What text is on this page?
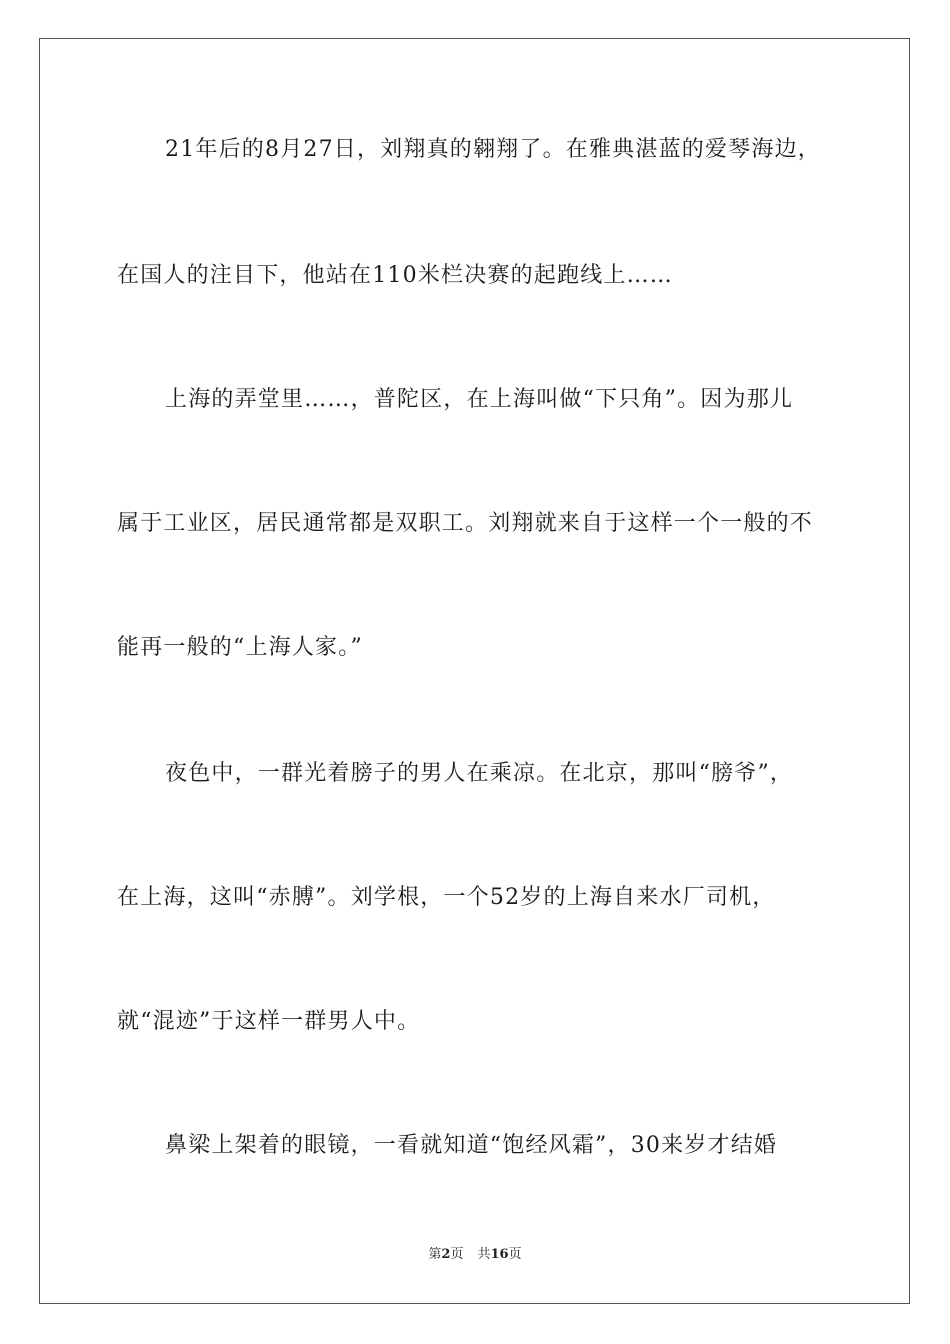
21年后的8月27日，刘翔真的翱翔了。在雅典湛蓝的爱琴海边，
在国人的注目下，他站在110米栏决赛的起跑线上……
上海的弄堂里……，普陀区，在上海叫做“下只角”。因为那儿
属于工业区，居民通常都是双职工。刘翔就来自于这样一个一般的不
能再一般的“上海人家。”
夜色中，一群光着膀子的男人在乘凉。在北京，那叫“膀爷”，
在上海，这叫“赤膊”。刘学根，一个52岁的上海自来水厂司机，
就“混迹”于这样一群男人中。
鼻梁上架着的眼镜，一看就知道“饱经风霜”，30来岁才结婚
第2页 共16页
